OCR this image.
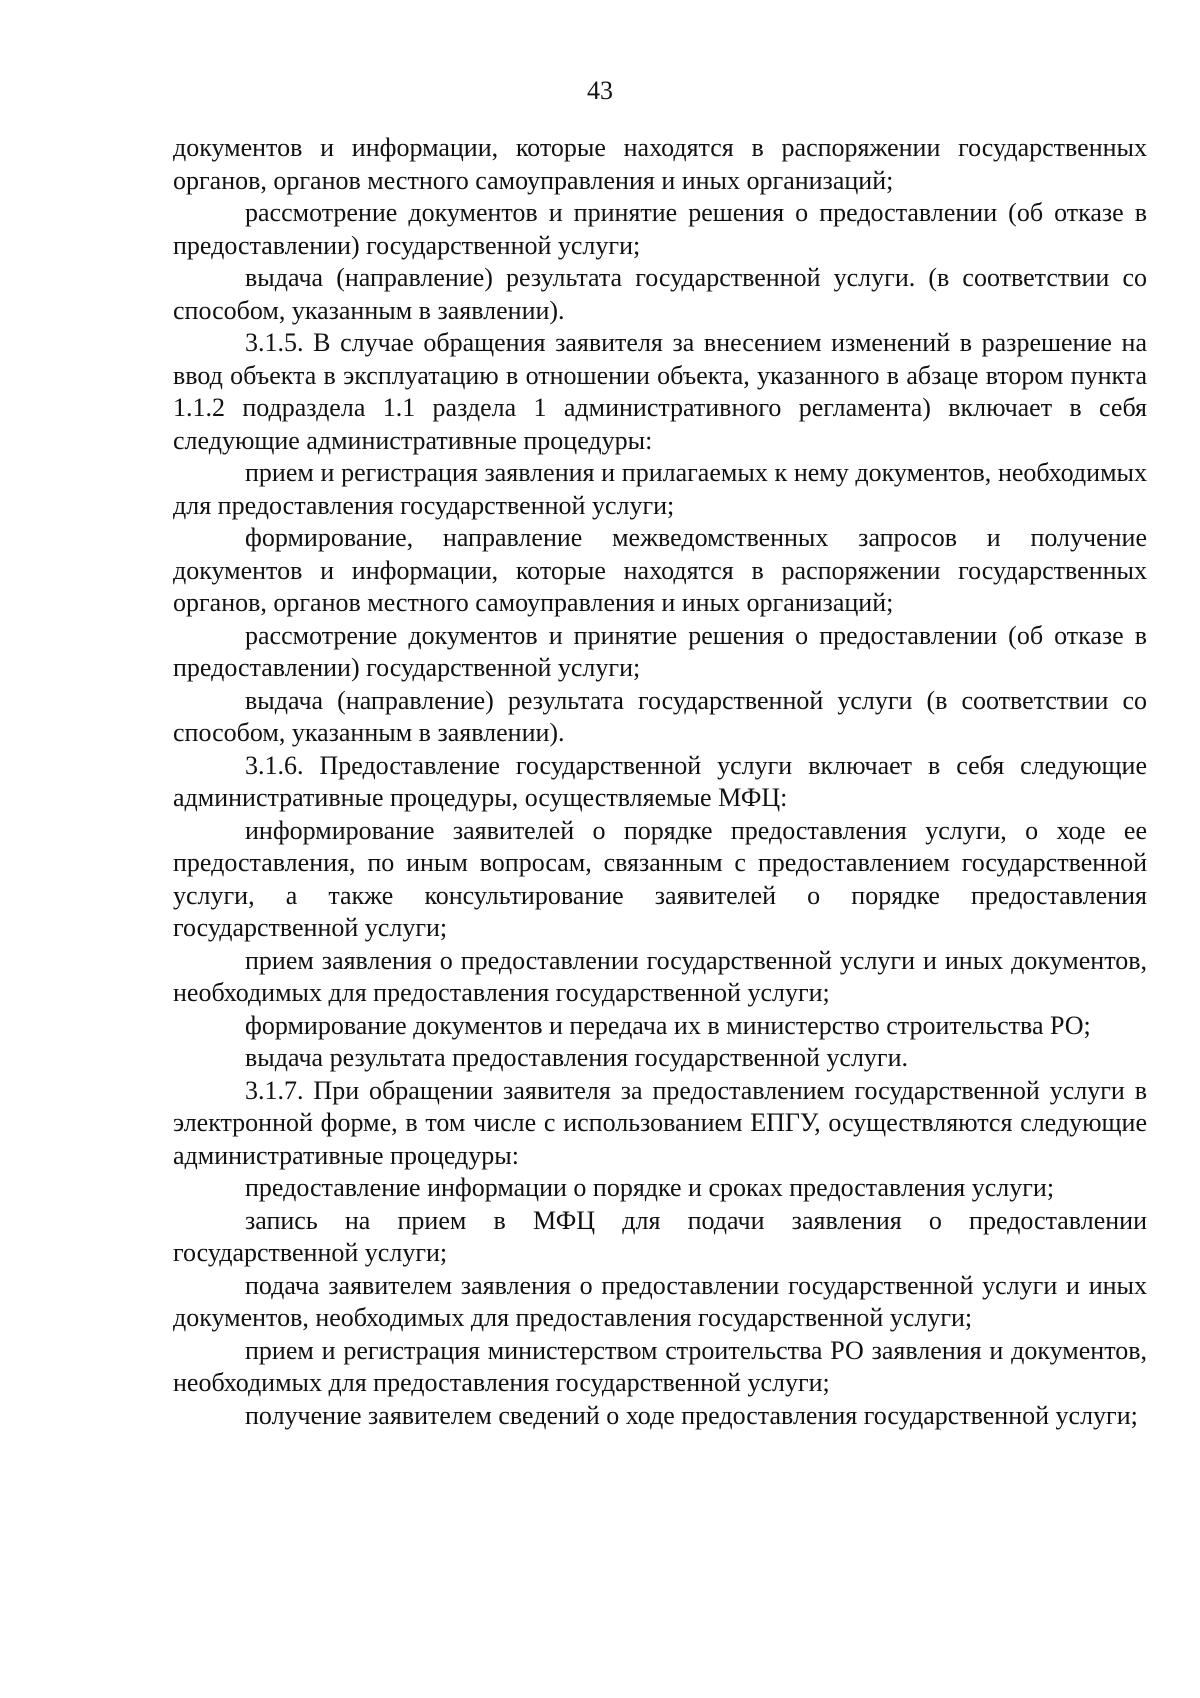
43

документов и информации, которые находятся в распоряжении государственных органов, органов местного самоуправления и иных организаций;

рассмотрение документов и принятие решения о предоставлении (об отказе в предоставлении) государственной услуги;

выдача (направление) результата государственной услуги. (в соответствии со способом, указанным в заявлении).

3.1.5. В случае обращения заявителя за внесением изменений в разрешение на ввод объекта в эксплуатацию в отношении объекта, указанного в абзаце втором пункта 1.1.2 подраздела 1.1 раздела 1 административного регламента) включает в себя следующие административные процедуры:

прием и регистрация заявления и прилагаемых к нему документов, необходимых для предоставления государственной услуги;

формирование, направление межведомственных запросов и получение документов и информации, которые находятся в распоряжении государственных органов, органов местного самоуправления и иных организаций;

рассмотрение документов и принятие решения о предоставлении (об отказе в предоставлении) государственной услуги;

выдача (направление) результата государственной услуги (в соответствии со способом, указанным в заявлении).

3.1.6. Предоставление государственной услуги включает в себя следующие административные процедуры, осуществляемые МФЦ:

информирование заявителей о порядке предоставления услуги, о ходе ее предоставления, по иным вопросам, связанным с предоставлением государственной услуги, а также консультирование заявителей о порядке предоставления государственной услуги;

прием заявления о предоставлении государственной услуги и иных документов, необходимых для предоставления государственной услуги;

формирование документов и передача их в министерство строительства РО;

выдача результата предоставления государственной услуги.

3.1.7. При обращении заявителя за предоставлением государственной услуги в электронной форме, в том числе с использованием ЕПГУ, осуществляются следующие административные процедуры:

предоставление информации о порядке и сроках предоставления услуги;

запись на прием в МФЦ для подачи заявления о предоставлении государственной услуги;

подача заявителем заявления о предоставлении государственной услуги и иных документов, необходимых для предоставления государственной услуги;

прием и регистрация министерством строительства РО заявления и документов, необходимых для предоставления государственной услуги;

получение заявителем сведений о ходе предоставления государственной услуги;
